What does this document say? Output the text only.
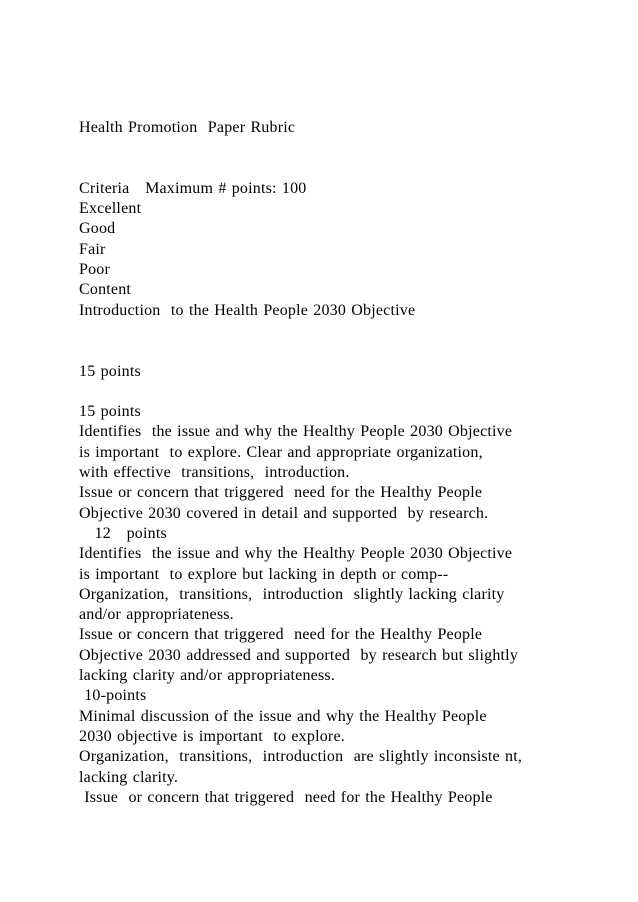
Health Promotion  Paper Rubric
Criteria   Maximum # points: 100
Excellent
Good
Fair
Poor
Content
Introduction  to the Health People 2030 Objective
15 points
15 points
Identifies  the issue and why the Healthy People 2030 Objective
is important  to explore. Clear and appropriate organization,
with effective  transitions,  introduction.
Issue or concern that triggered  need for the Healthy People
Objective 2030 covered in detail and supported  by research.
12   points
Identifies  the issue and why the Healthy People 2030 Objective
is important  to explore but lacking in depth or comp--
Organization,  transitions,  introduction  slightly lacking clarity
and/or appropriateness.
Issue or concern that triggered  need for the Healthy People
Objective 2030 addressed and supported  by research but slightly
lacking clarity and/or appropriateness.
10-points
Minimal discussion of the issue and why the Healthy People
2030 objective is important  to explore.
Organization,  transitions,  introduction  are slightly inconsiste nt,
lacking clarity.
Issue  or concern that triggered  need for the Healthy People
